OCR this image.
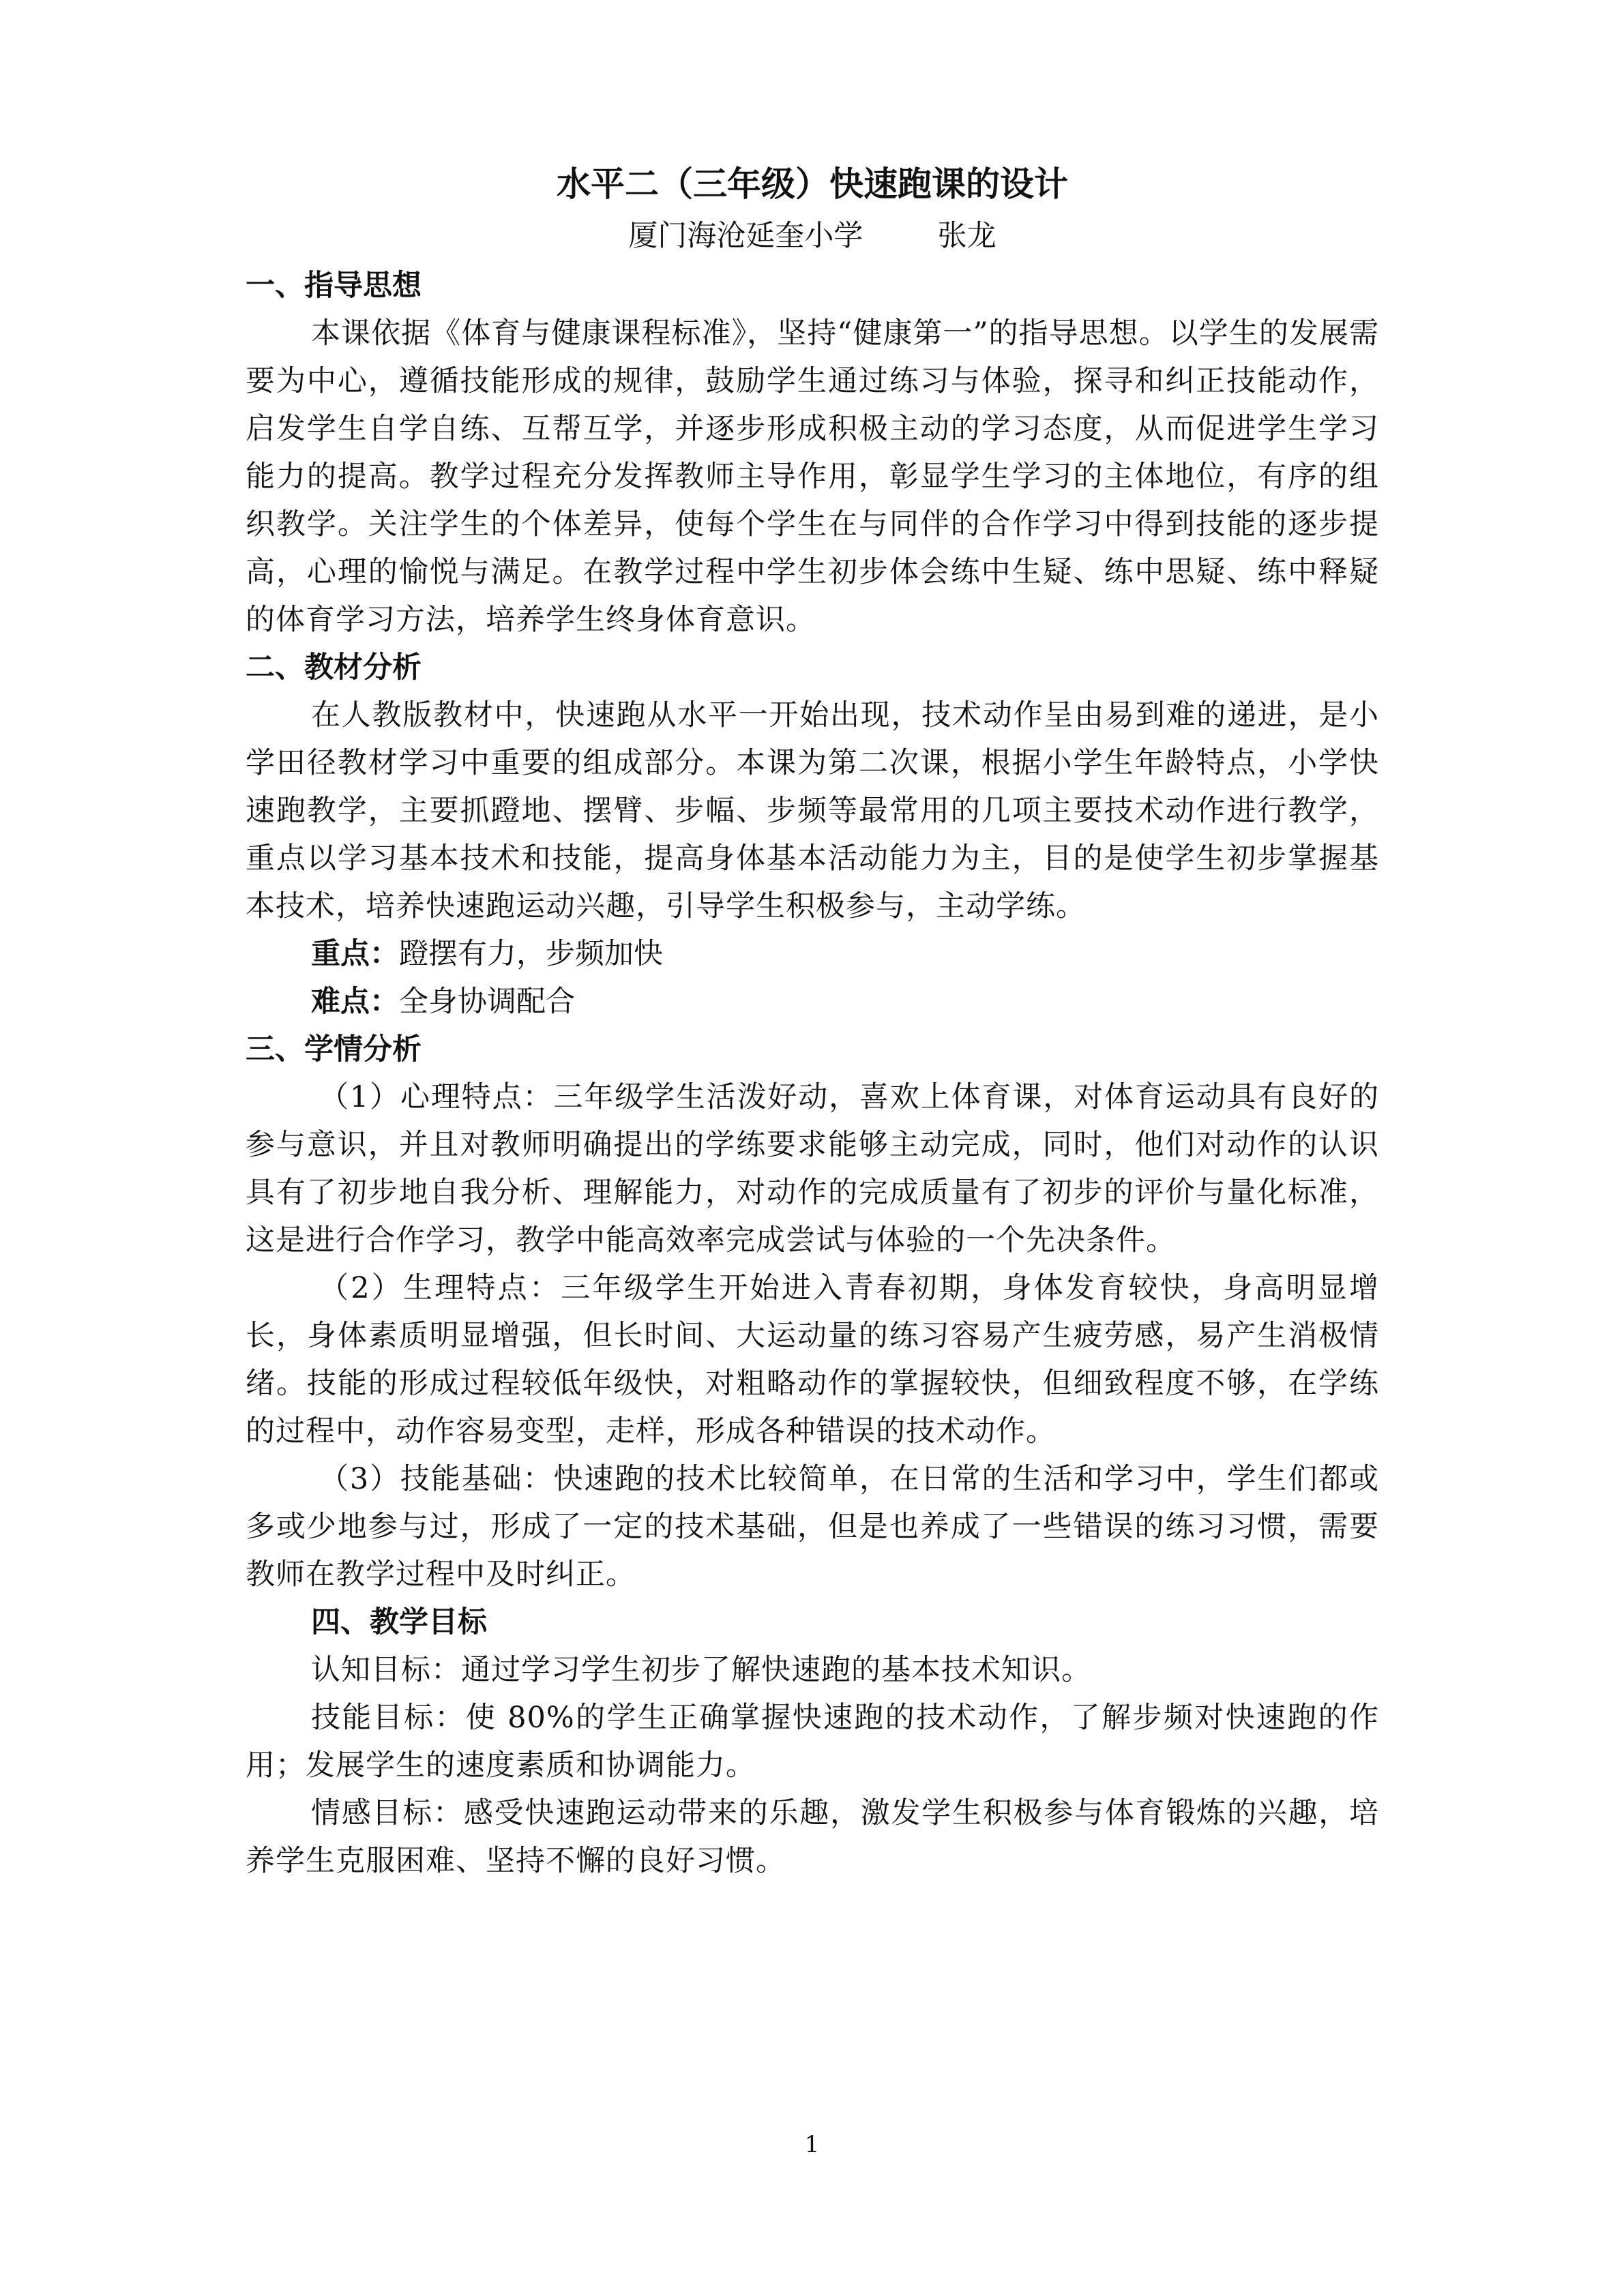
水平二（三年级）快速跑课的设计

厦门海沧延奎小学        张龙

一、指导思想

本课依据《体育与健康课程标准》，坚持“健康第一”的指导思想。以学生的发展需要为中心，遵循技能形成的规律，鼓励学生通过练习与体验，探寻和纠正技能动作，启发学生自学自练、互帮互学，并逐步形成积极主动的学习态度，从而促进学生学习能力的提高。教学过程充分发挥教师主导作用，彰显学生学习的主体地位，有序的组织教学。关注学生的个体差异，使每个学生在与同伴的合作学习中得到技能的逐步提高，心理的愉悦与满足。在教学过程中学生初步体会练中生疑、练中思疑、练中释疑的体育学习方法，培养学生终身体育意识。

二、教材分析

在人教版教材中，快速跑从水平一开始出现，技术动作呈由易到难的递进，是小学田径教材学习中重要的组成部分。本课为第二次课，根据小学生年龄特点，小学快速跑教学，主要抓蹬地、摆臂、步幅、步频等最常用的几项主要技术动作进行教学，重点以学习基本技术和技能，提高身体基本活动能力为主，目的是使学生初步掌握基本技术，培养快速跑运动兴趣，引导学生积极参与，主动学练。

重点：蹬摆有力，步频加快

难点：全身协调配合

三、学情分析

（1）心理特点：三年级学生活泼好动，喜欢上体育课，对体育运动具有良好的参与意识，并且对教师明确提出的学练要求能够主动完成，同时，他们对动作的认识具有了初步地自我分析、理解能力，对动作的完成质量有了初步的评价与量化标准，这是进行合作学习，教学中能高效率完成尝试与体验的一个先决条件。

（2）生理特点：三年级学生开始进入青春初期，身体发育较快，身高明显增长，身体素质明显增强，但长时间、大运动量的练习容易产生疲劳感，易产生消极情绪。技能的形成过程较低年级快，对粗略动作的掌握较快，但细致程度不够，在学练的过程中，动作容易变型，走样，形成各种错误的技术动作。

（3）技能基础：快速跑的技术比较简单，在日常的生活和学习中，学生们都或多或少地参与过，形成了一定的技术基础，但是也养成了一些错误的练习习惯，需要教师在教学过程中及时纠正。

四、教学目标

认知目标：通过学习学生初步了解快速跑的基本技术知识。

技能目标：使 80%的学生正确掌握快速跑的技术动作，了解步频对快速跑的作用；发展学生的速度素质和协调能力。

情感目标：感受快速跑运动带来的乐趣，激发学生积极参与体育锻炼的兴趣，培养学生克服困难、坚持不懈的良好习惯。

1
